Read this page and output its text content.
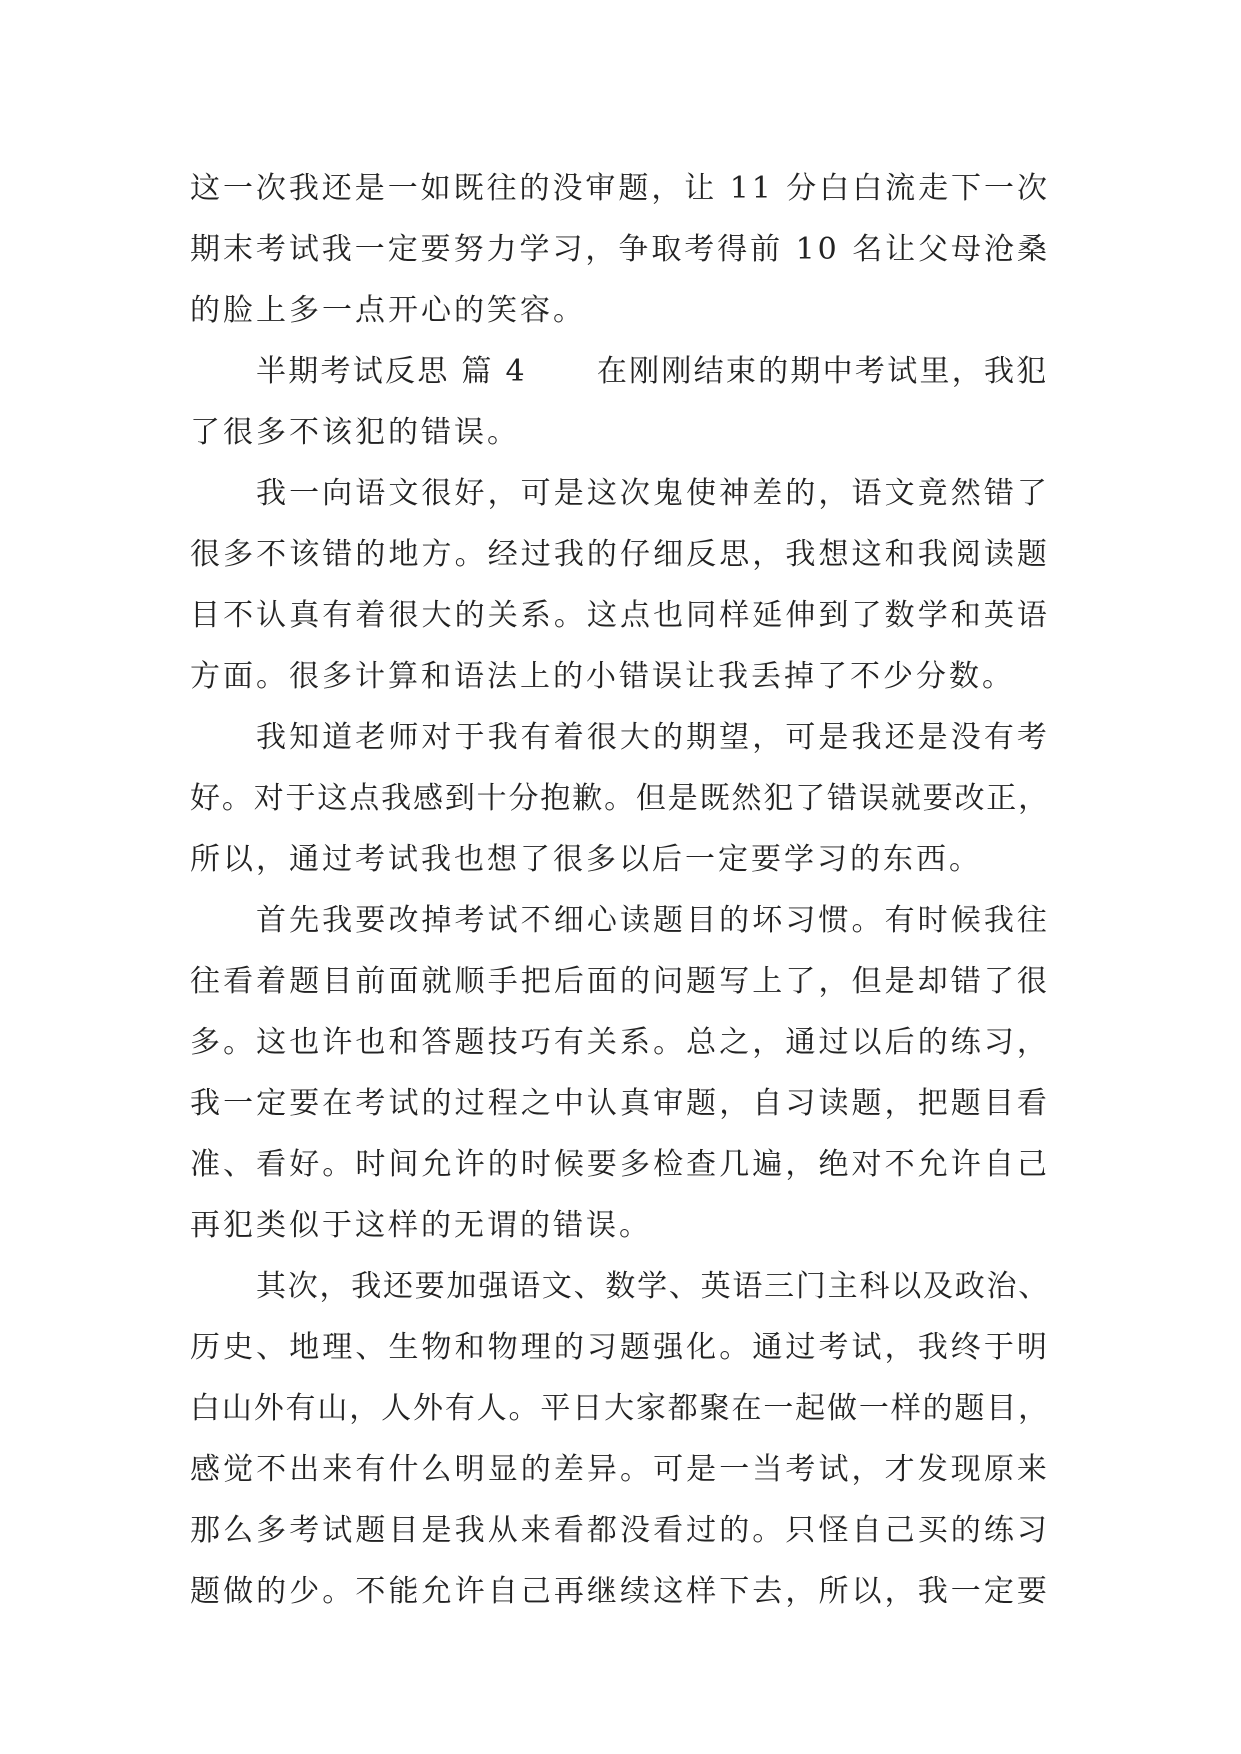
这一次我还是一如既往的没审题，让 11 分白白流走下一次
期末考试我一定要努力学习，争取考得前 10 名让父母沧桑
的脸上多一点开心的笑容。
半期考试反思 篇 4 在刚刚结束的期中考试里，我犯
了很多不该犯的错误。
我一向语文很好，可是这次鬼使神差的，语文竟然错了
很多不该错的地方。经过我的仔细反思，我想这和我阅读题
目不认真有着很大的关系。这点也同样延伸到了数学和英语
方面。很多计算和语法上的小错误让我丢掉了不少分数。
我知道老师对于我有着很大的期望，可是我还是没有考
好。对于这点我感到十分抱歉。但是既然犯了错误就要改正，
所以，通过考试我也想了很多以后一定要学习的东西。
首先我要改掉考试不细心读题目的坏习惯。有时候我往
往看着题目前面就顺手把后面的问题写上了，但是却错了很
多。这也许也和答题技巧有关系。总之，通过以后的练习，
我一定要在考试的过程之中认真审题，自习读题，把题目看
准、看好。时间允许的时候要多检查几遍，绝对不允许自己
再犯类似于这样的无谓的错误。
其次，我还要加强语文、数学、英语三门主科以及政治、
历史、地理、生物和物理的习题强化。通过考试，我终于明
白山外有山，人外有人。平日大家都聚在一起做一样的题目，
感觉不出来有什么明显的差异。可是一当考试，才发现原来
那么多考试题目是我从来看都没看过的。只怪自己买的练习
题做的少。不能允许自己再继续这样下去，所以，我一定要
